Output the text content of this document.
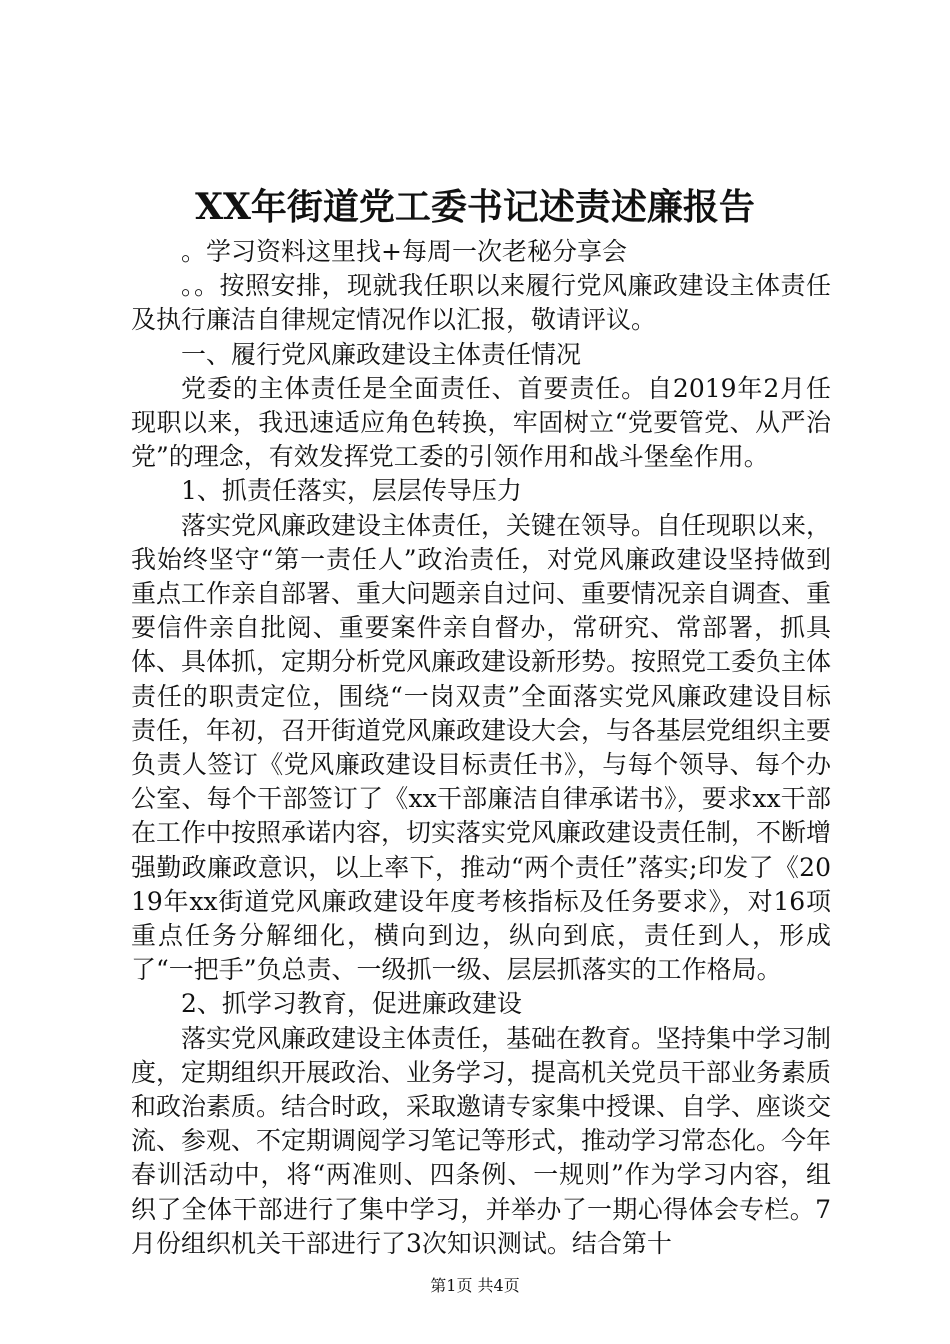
XX年街道党工委书记述责述廉报告

。学习资料这里找+每周一次老秘分享会

。。按照安排，现就我任职以来履行党风廉政建设主体责任及执行廉洁自律规定情况作以汇报，敬请评议。

一、履行党风廉政建设主体责任情况

党委的主体责任是全面责任、首要责任。自2019年2月任现职以来，我迅速适应角色转换，牢固树立“党要管党、从严治党”的理念，有效发挥党工委的引领作用和战斗堡垒作用。

1、抓责任落实，层层传导压力

落实党风廉政建设主体责任，关键在领导。自任现职以来，我始终坚守“第一责任人”政治责任，对党风廉政建设坚持做到重点工作亲自部署、重大问题亲自过问、重要情况亲自调查、重要信件亲自批阅、重要案件亲自督办，常研究、常部署，抓具体、具体抓，定期分析党风廉政建设新形势。按照党工委负主体责任的职责定位，围绕“一岗双责”全面落实党风廉政建设目标责任，年初，召开街道党风廉政建设大会，与各基层党组织主要负责人签订《党风廉政建设目标责任书》，与每个领导、每个办公室、每个干部签订了《xx干部廉洁自律承诺书》，要求xx干部在工作中按照承诺内容，切实落实党风廉政建设责任制，不断增强勤政廉政意识，以上率下，推动“两个责任”落实;印发了《2019年xx街道党风廉政建设年度考核指标及任务要求》，对16项重点任务分解细化，横向到边，纵向到底，责任到人，形成了“一把手”负总责、一级抓一级、层层抓落实的工作格局。

2、抓学习教育，促进廉政建设

落实党风廉政建设主体责任，基础在教育。坚持集中学习制度，定期组织开展政治、业务学习，提高机关党员干部业务素质和政治素质。结合时政，采取邀请专家集中授课、自学、座谈交流、参观、不定期调阅学习笔记等形式，推动学习常态化。今年春训活动中，将“两准则、四条例、一规则”作为学习内容，组织了全体干部进行了集中学习，并举办了一期心得体会专栏。7月份组织机关干部进行了3次知识测试。结合第十

第1页 共4页
